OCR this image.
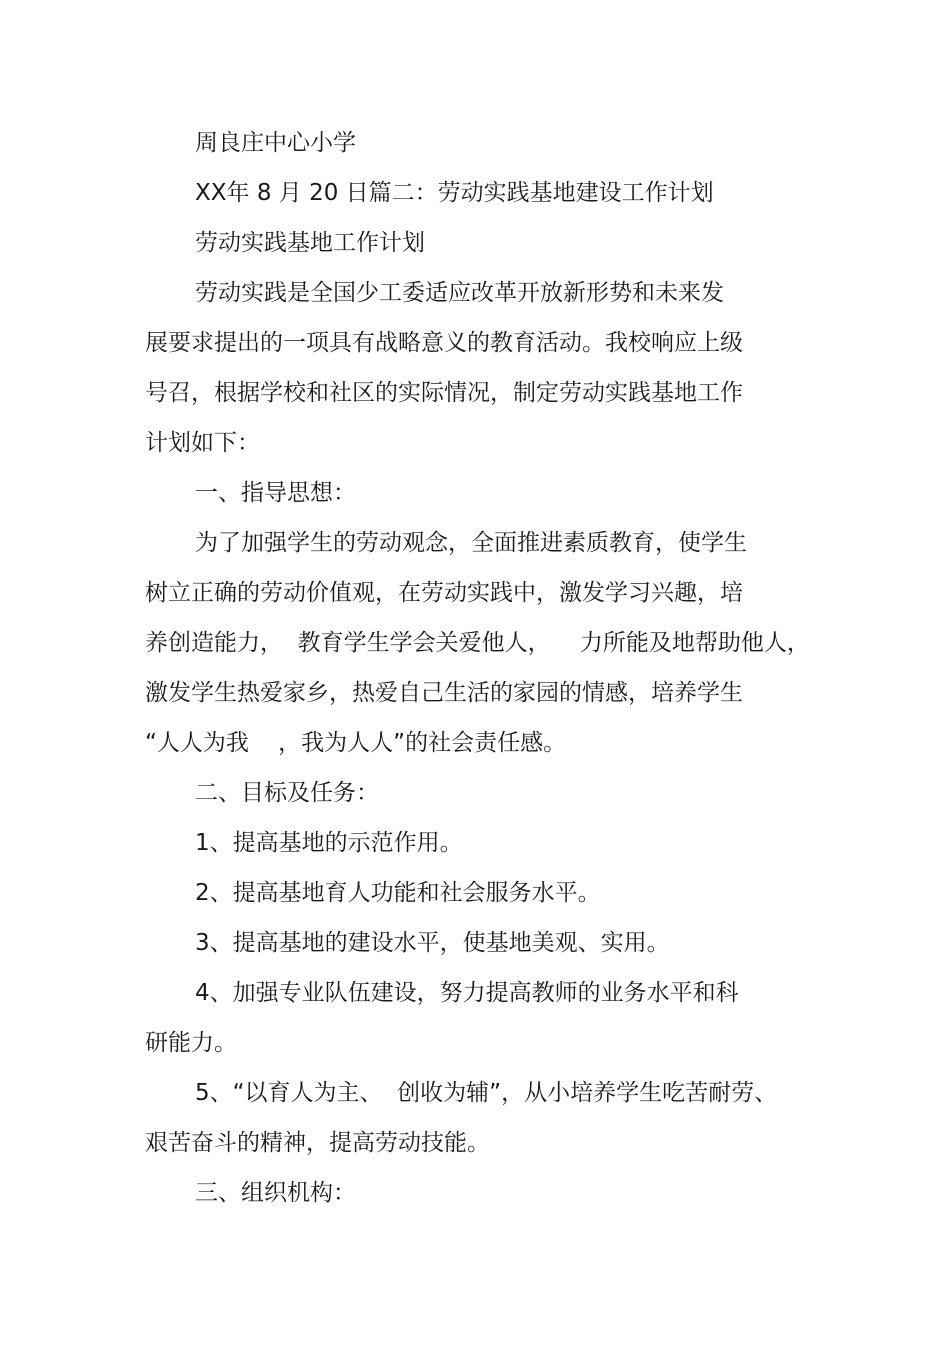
周良庄中心小学
XX年 8 月 20 日篇二：劳动实践基地建设工作计划
劳动实践基地工作计划
劳动实践是全国少工委适应改革开放新形势和未来发
展要求提出的一项具有战略意义的教育活动。我校响应上级
号召，根据学校和社区的实际情况，制定劳动实践基地工作
计划如下：
一、指导思想：
为了加强学生的劳动观念，全面推进素质教育，使学生
树立正确的劳动价值观，在劳动实践中，激发学习兴趣，培
养创造能力，  教育学生学会关爱他人，    力所能及地帮助他人，
激发学生热爱家乡，热爱自己生活的家园的情感，培养学生
“人人为我    ，我为人人”的社会责任感。
二、目标及任务：
1、提高基地的示范作用。
2、提高基地育人功能和社会服务水平。
3、提高基地的建设水平，使基地美观、实用。
4、加强专业队伍建设，努力提高教师的业务水平和科
研能力。
5、“以育人为主、  创收为辅”，从小培养学生吃苦耐劳、
艰苦奋斗的精神，提高劳动技能。
三、组织机构：
